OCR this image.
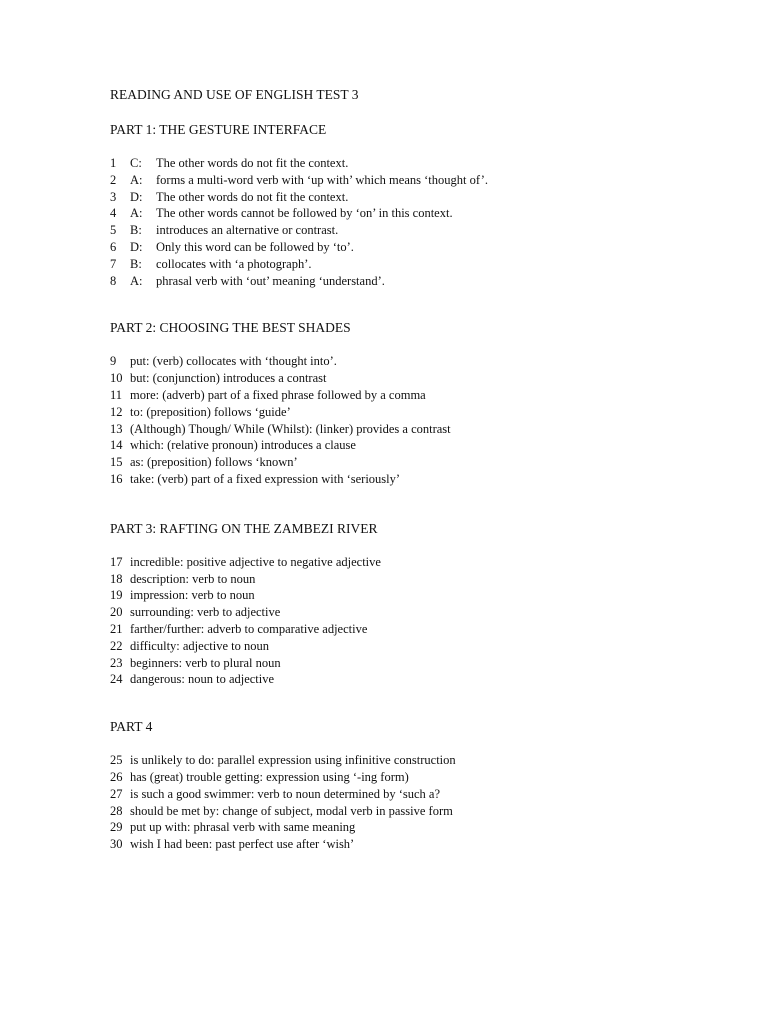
READING AND USE OF ENGLISH TEST 3
PART 1: THE GESTURE INTERFACE
1	C:	The other words do not fit the context.
2	A:	forms a multi-word verb with ‘up with’ which means ‘thought of’.
3	D:	The other words do not fit the context.
4	A:	The other words cannot be followed by ‘on’ in this context.
5	B:	introduces an alternative or contrast.
6	D:	Only this word can be followed by ‘to’.
7	B:	collocates with ‘a photograph’.
8	A:	phrasal verb with ‘out’ meaning ‘understand’.
PART 2: CHOOSING THE BEST SHADES
9	put: (verb) collocates with ‘thought into’.
10 but: (conjunction) introduces a contrast
11 more: (adverb) part of a fixed phrase followed by a comma
12 to: (preposition) follows ‘guide’
13 (Although) Though/ While (Whilst): (linker) provides a contrast
14 which: (relative pronoun) introduces a clause
15 as: (preposition) follows ‘known’
16 take: (verb) part of a fixed expression with ‘seriously’
PART 3: RAFTING ON THE ZAMBEZI RIVER
17 incredible: positive adjective to negative adjective
18 description: verb to noun
19 impression: verb to noun
20 surrounding: verb to adjective
21 farther/further: adverb to comparative adjective
22 difficulty: adjective to noun
23 beginners: verb to plural noun
24 dangerous: noun to adjective
PART 4
25 is unlikely to do: parallel expression using infinitive construction
26 has (great) trouble getting: expression using ‘-ing form)
27 is such a good swimmer: verb to noun determined by ‘such a?
28 should be met by: change of subject, modal verb in passive form
29 put up with: phrasal verb with same meaning
30 wish I had been: past perfect use after ‘wish’
